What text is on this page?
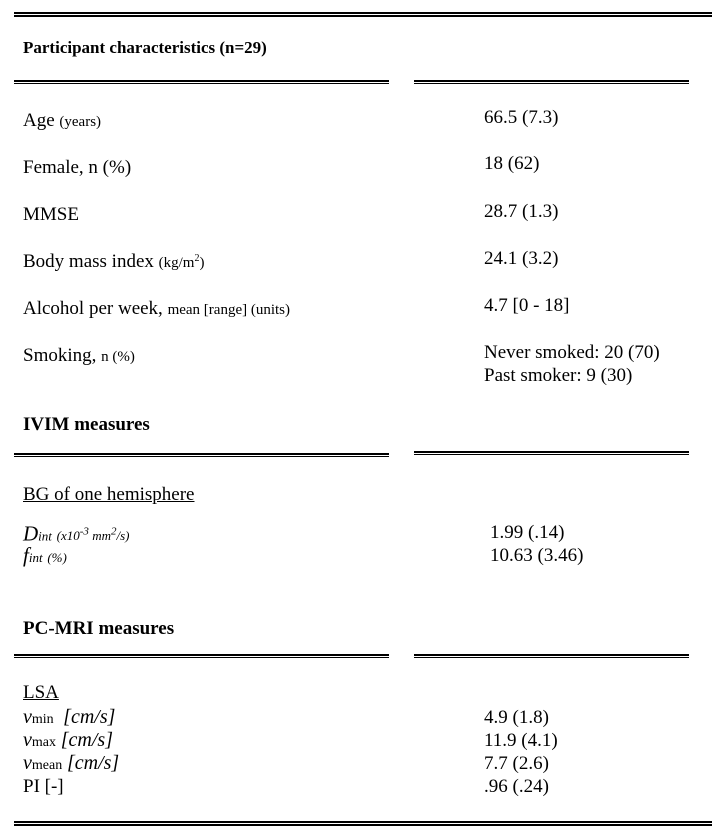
Participant characteristics (n=29)
Age (years)	66.5 (7.3)
Female, n (%)	18 (62)
MMSE	28.7 (1.3)
Body mass index $(kg/m^2)$	24.1 (3.2)
Alcohol per week, mean [range] (units)	4.7 [0 - 18]
Smoking, n (%)	Never smoked: 20 (70)
Past smoker: 9 (30)
IVIM measures
BG of one hemisphere
Dint ($x10^{-3}$ $mm^2/s$)	1.99 (.14)
fint (%)	10.63 (3.46)
PC-MRI measures
LSA
vmin [cm/s]	4.9 (1.8)
vmax [cm/s]	11.9 (4.1)
vmean [cm/s]	7.7 (2.6)
PI [-]	.96 (.24)
